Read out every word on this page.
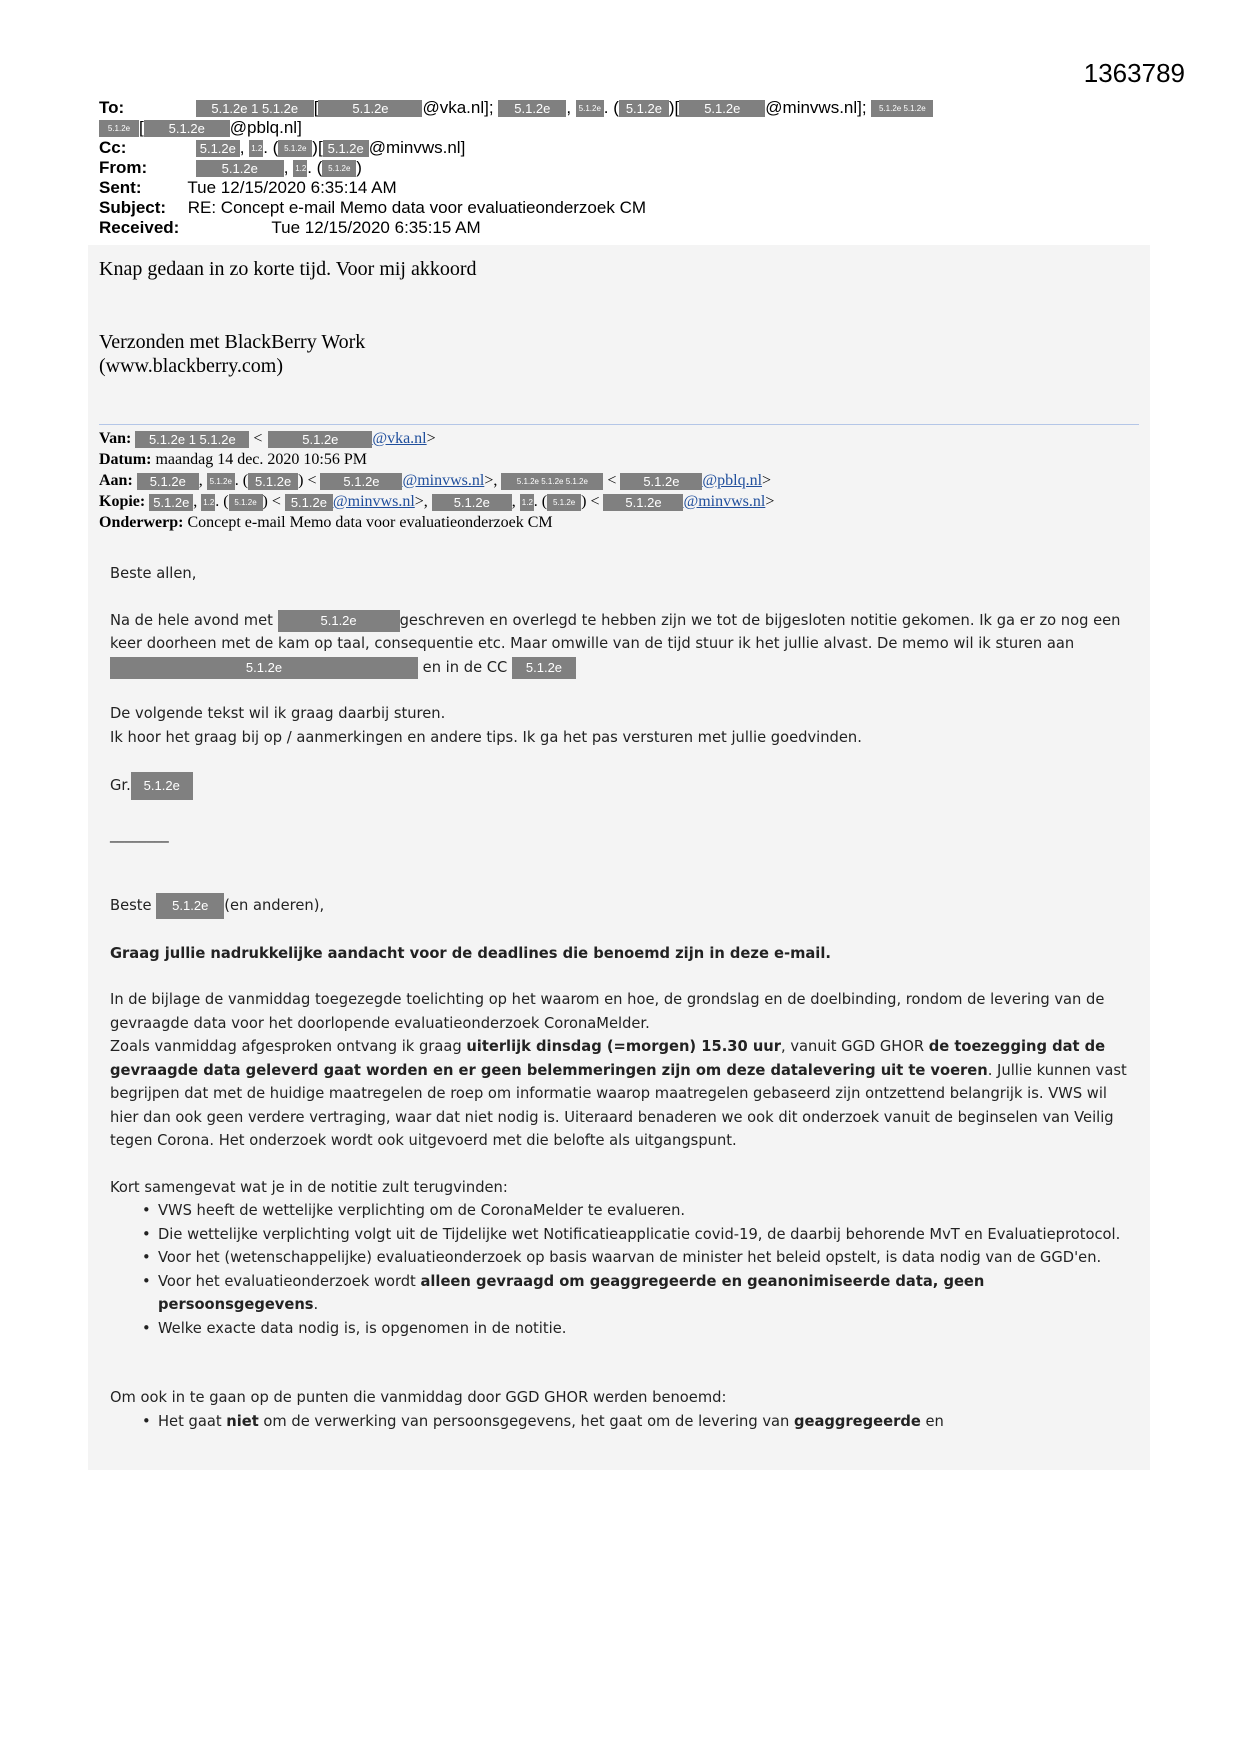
1363789
To:	5.1.2e 1 5.1.2e [	5.1.2e @vka.nl]; 5.1.2e , 5.1.2e . ( 5.1.2e )[ 5.1.2e @minvws.nl]; 5.1.2e 5.1.2e
5.1.2e [ 5.1.2e @pblq.nl]
Cc:	5.1.2e , 1.2. ( 5.1.2e )[ 5.1.2e @minvws.nl]
From:	5.1.2e , 1.2. ( 5.1.2e )
Sent:	Tue 12/15/2020 6:35:14 AM
Subject: RE: Concept e-mail Memo data voor evaluatieonderzoek CM
Received:	Tue 12/15/2020 6:35:15 AM
Knap gedaan in zo korte tijd. Voor mij akkoord
Verzonden met BlackBerry Work
(www.blackberry.com)
Van: 5.1.2e 1 5.1.2e <	5.1.2e @vka.nl>
Datum: maandag 14 dec. 2020 10:56 PM
Aan: 5.1.2e , 5.1.2e . ( 5.1.2e ) < 5.1.2e @minvws.nl>, 5.1.2e 5.1.2e 5.1.2e < 5.1.2e @pblq.nl>
Kopie: 5.1.2e , 1.2. ( 5.1.2e ) < 5.1.2e @minvws.nl>, 5.1.2e , 1.2. ( 5.1.2e ) < 5.1.2e @minvws.nl>
Onderwerp: Concept e-mail Memo data voor evaluatieonderzoek CM

Beste allen,

Na de hele avond met	5.1.2e	geschreven en overlegd te hebben zijn we tot de bijgesloten notitie gekomen. Ik ga er zo nog een keer doorheen met de kam op taal, consequentie etc. Maar omwille van de tijd stuur ik het jullie alvast. De memo wil ik sturen aan 5.1.2e	en in de CC 5.1.2e

De volgende tekst wil ik graag daarbij sturen.

Ik hoor het graag bij op / aanmerkingen en andere tips. Ik ga het pas versturen met jullie goedvinden.

Gr. 5.1.2e

________

Beste 5.1.2e (en anderen),

Graag jullie nadrukkelijke aandacht voor de deadlines die benoemd zijn in deze e-mail.

In de bijlage de vanmiddag toegezegde toelichting op het waarom en hoe, de grondslag en de doelbinding, rondom de levering van de gevraagde data voor het doorlopende evaluatieonderzoek CoronaMelder.

Zoals vanmiddag afgesproken ontvang ik graag uiterlijk dinsdag (=morgen) 15.30 uur, vanuit GGD GHOR de toezegging dat de gevraagde data geleverd gaat worden en er geen belemmeringen zijn om deze datalevering uit te voeren. Jullie kunnen vast begrijpen dat met de huidige maatregelen de roep om informatie waarop maatregelen gebaseerd zijn ontzettend belangrijk is. VWS wil hier dan ook geen verdere vertraging, waar dat niet nodig is. Uiteraard benaderen we ook dit onderzoek vanuit de beginselen van Veilig tegen Corona. Het onderzoek wordt ook uitgevoerd met die belofte als uitgangspunt.

Kort samengevat wat je in de notitie zult terugvinden:

• VWS heeft de wettelijke verplichting om de CoronaMelder te evalueren.
• Die wettelijke verplichting volgt uit de Tijdelijke wet Notificatieapplicatie covid-19, de daarbij behorende MvT en Evaluatieprotocol.
• Voor het (wetenschappelijke) evaluatieonderzoek op basis waarvan de minister het beleid opstelt, is data nodig van de GGD'en.
• Voor het evaluatieonderzoek wordt alleen gevraagd om geaggregeerde en geanonimiseerde data, geen persoonsgegevens.
• Welke exacte data nodig is, is opgenomen in de notitie.

Om ook in te gaan op de punten die vanmiddag door GGD GHOR werden benoemd:

• Het gaat niet om de verwerking van persoonsgegevens, het gaat om de levering van geaggregeerde en
